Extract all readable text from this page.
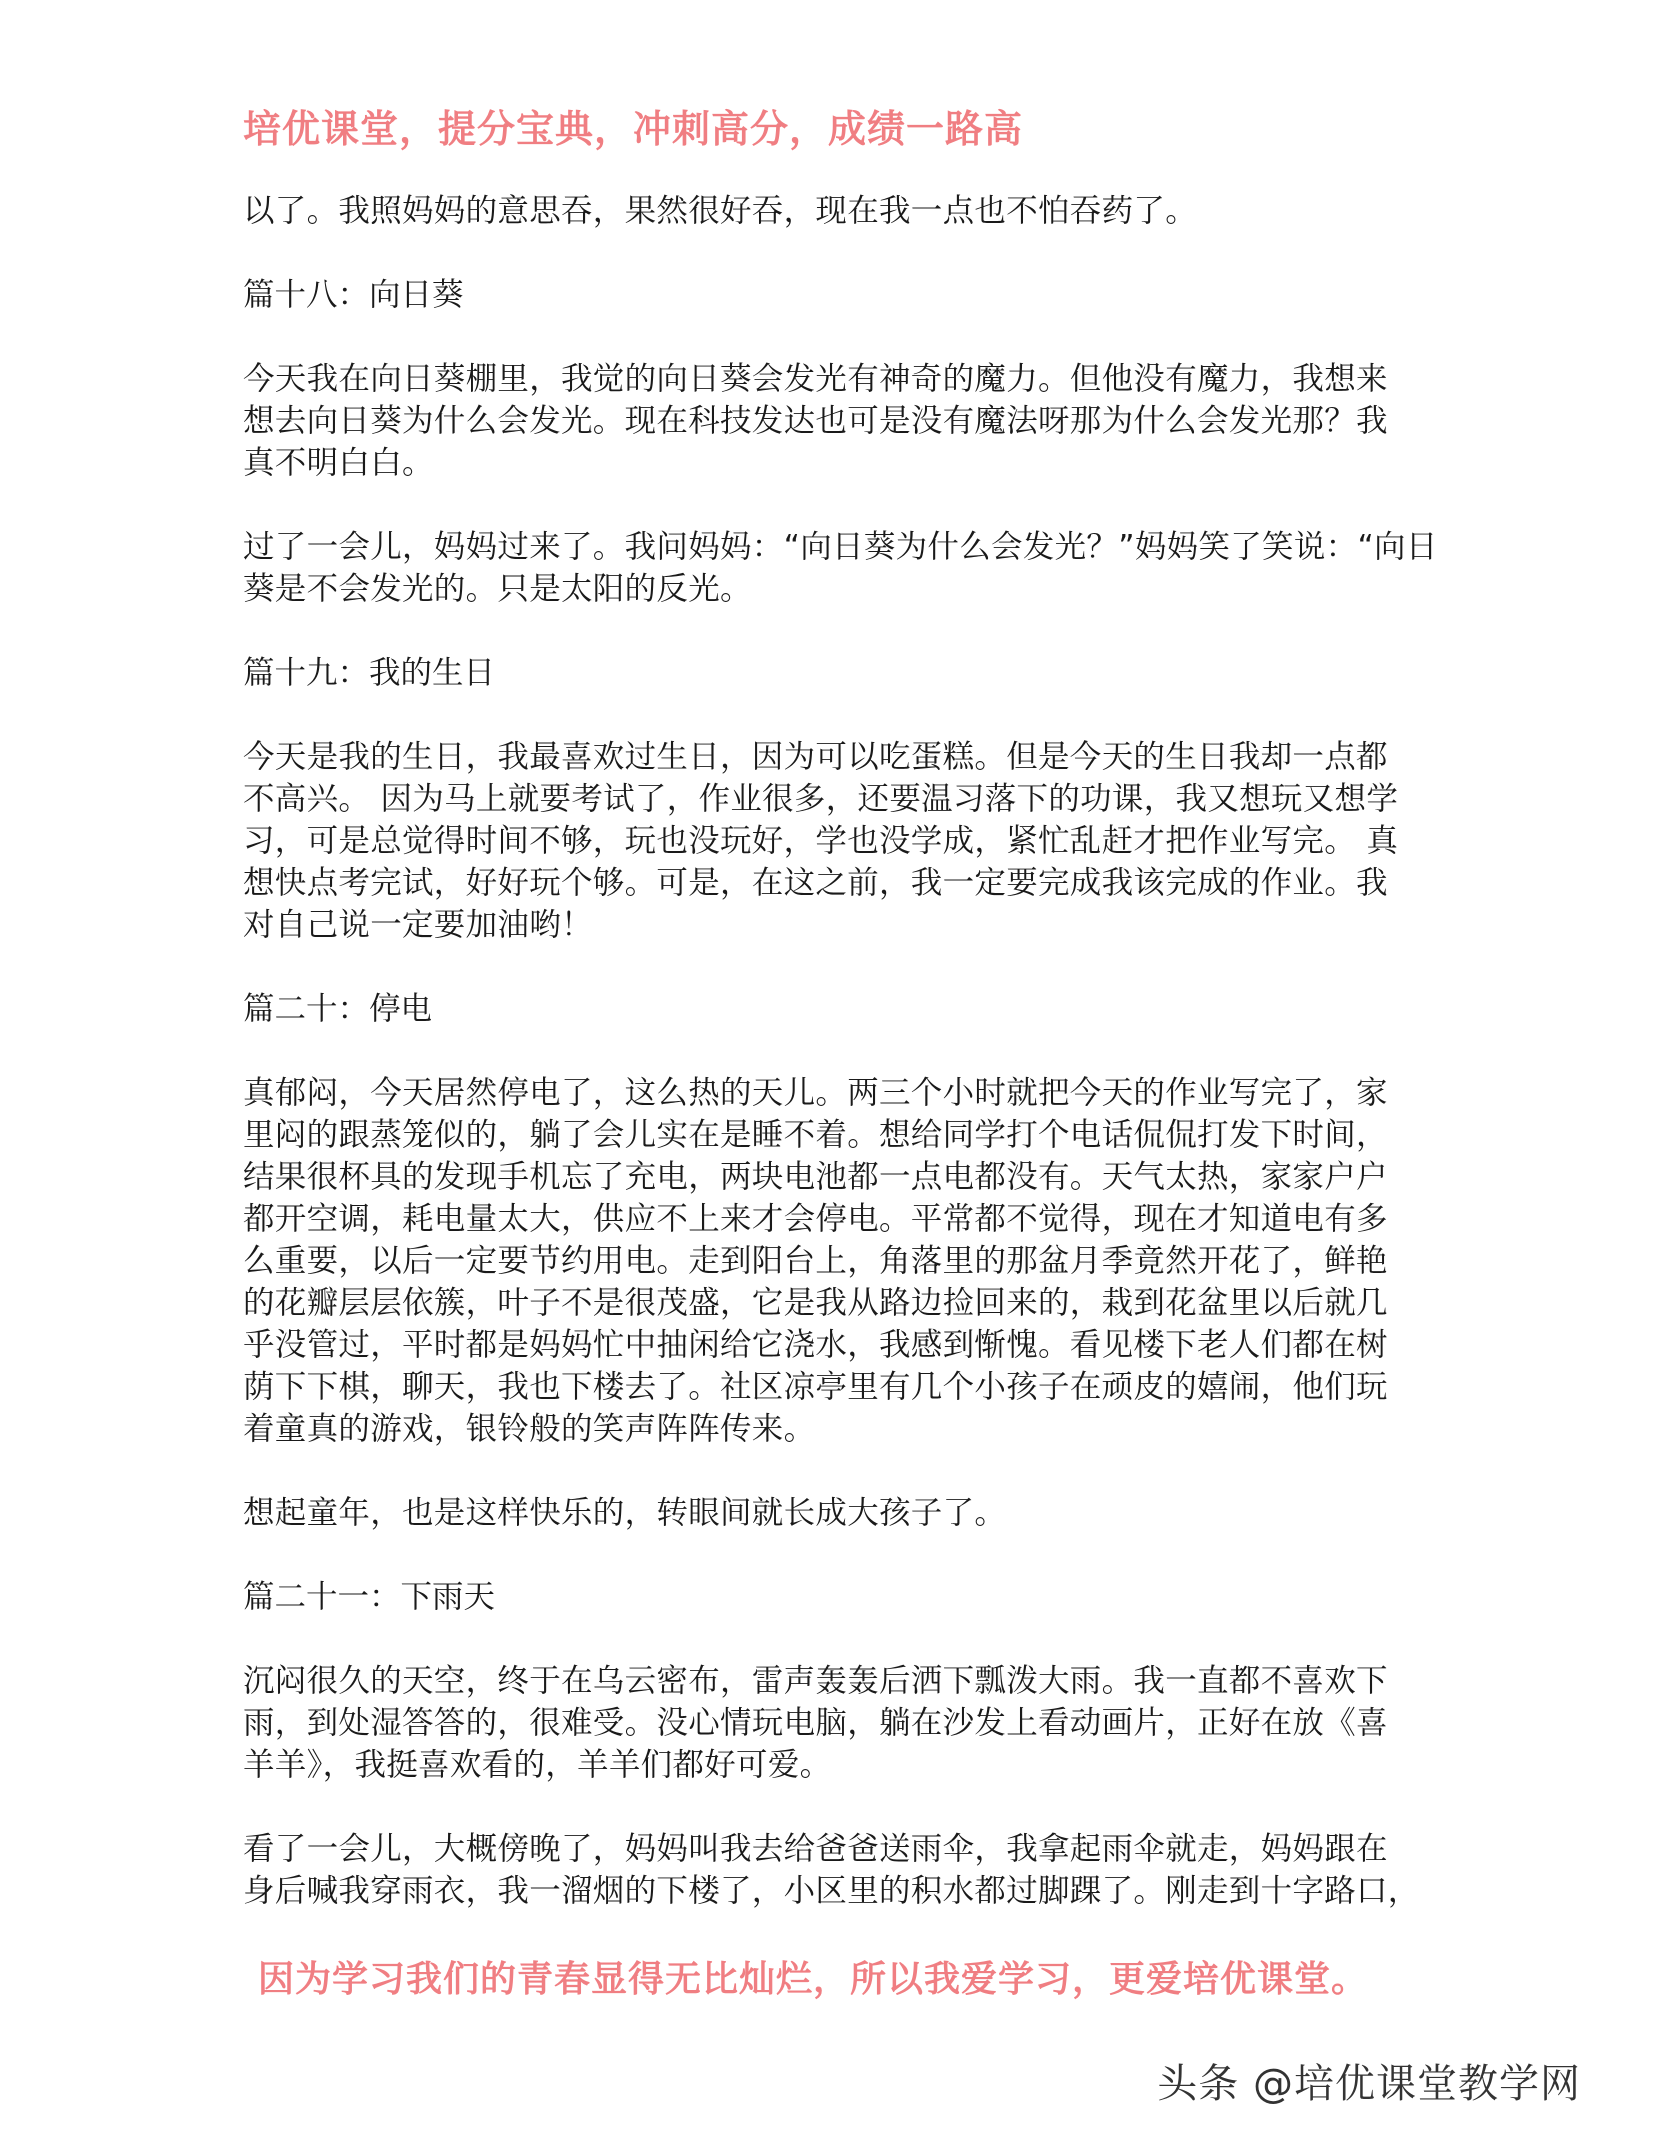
培优课堂，提分宝典，冲刺高分，成绩一路高
以了。我照妈妈的意思吞，果然很好吞，现在我一点也不怕吞药了。
篇十八：向日葵
今天我在向日葵棚里，我觉的向日葵会发光有神奇的魔力。但他没有魔力，我想来
想去向日葵为什么会发光。现在科技发达也可是没有魔法呀那为什么会发光那？我
真不明白白。
过了一会儿，妈妈过来了。我问妈妈：“向日葵为什么会发光？”妈妈笑了笑说：“向日
葵是不会发光的。只是太阳的反光。
篇十九：我的生日
今天是我的生日，我最喜欢过生日，因为可以吃蛋糕。但是今天的生日我却一点都
不高兴。 因为马上就要考试了，作业很多，还要温习落下的功课，我又想玩又想学
习，可是总觉得时间不够，玩也没玩好，学也没学成，紧忙乱赶才把作业写完。 真
想快点考完试，好好玩个够。可是，在这之前，我一定要完成我该完成的作业。我
对自己说一定要加油哟！
篇二十：停电
真郁闷，今天居然停电了，这么热的天儿。两三个小时就把今天的作业写完了，家
里闷的跟蒸笼似的，躺了会儿实在是睡不着。想给同学打个电话侃侃打发下时间，
结果很杯具的发现手机忘了充电，两块电池都一点电都没有。天气太热，家家户户
都开空调，耗电量太大，供应不上来才会停电。平常都不觉得，现在才知道电有多
么重要，以后一定要节约用电。走到阳台上，角落里的那盆月季竟然开花了，鲜艳
的花瓣层层依簇，叶子不是很茂盛，它是我从路边捡回来的，栽到花盆里以后就几
乎没管过，平时都是妈妈忙中抽闲给它浇水，我感到惭愧。看见楼下老人们都在树
荫下下棋，聊天，我也下楼去了。社区凉亭里有几个小孩子在顽皮的嬉闹，他们玩
着童真的游戏，银铃般的笑声阵阵传来。
想起童年，也是这样快乐的，转眼间就长成大孩子了。
篇二十一：下雨天
沉闷很久的天空，终于在乌云密布，雷声轰轰后洒下瓢泼大雨。我一直都不喜欢下
雨，到处湿答答的，很难受。没心情玩电脑，躺在沙发上看动画片，正好在放《喜
羊羊》，我挺喜欢看的，羊羊们都好可爱。
看了一会儿，大概傍晚了，妈妈叫我去给爸爸送雨伞，我拿起雨伞就走，妈妈跟在
身后喊我穿雨衣，我一溜烟的下楼了，小区里的积水都过脚踝了。刚走到十字路口，
因为学习我们的青春显得无比灿烂，所以我爱学习，更爱培优课堂。
头条 @培优课堂教学网
